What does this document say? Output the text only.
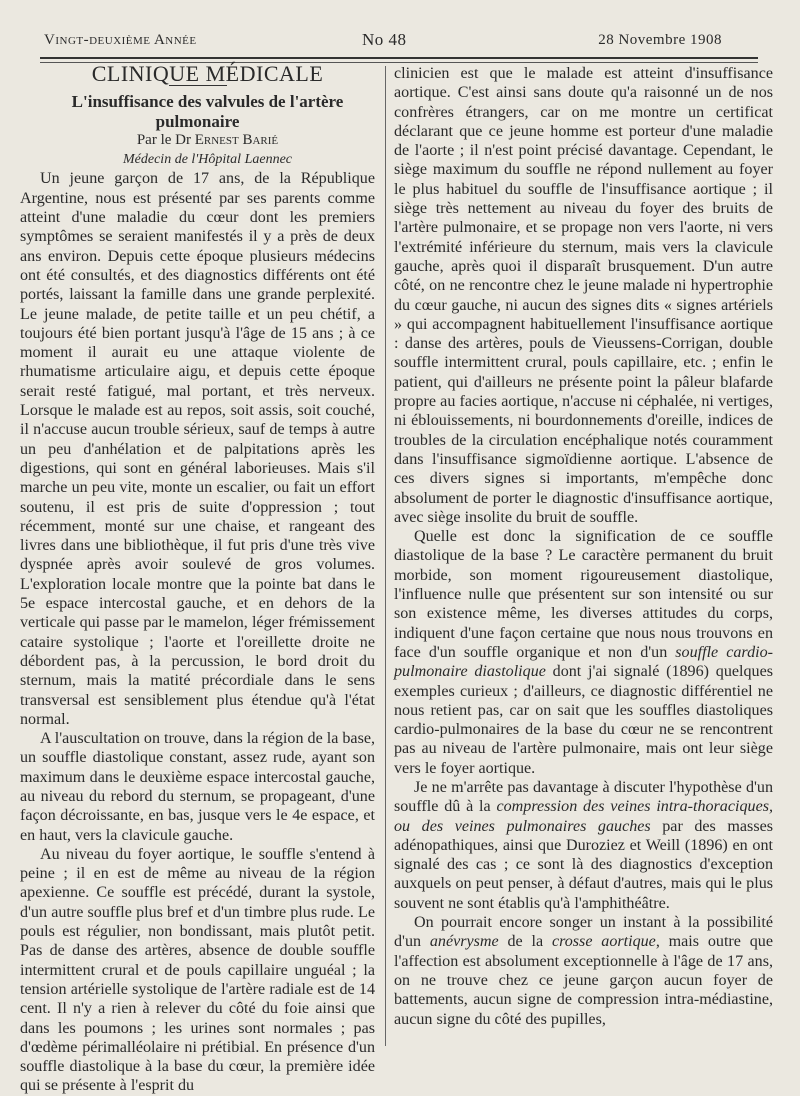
Vingt-deuxième Année	No 48	28 Novembre 1908

CLINIQUE MÉDICALE

L'insuffisance des valvules de l'artère pulmonaire

Par le Dr Ernest Barié

Médecin de l'Hôpital Laennec

Un jeune garçon de 17 ans, de la République Argentine, nous est présenté par ses parents comme atteint d'une maladie du cœur dont les premiers symptômes se seraient manifestés il y a près de deux ans environ. Depuis cette époque plusieurs médecins ont été consultés, et des diagnostics différents ont été portés, laissant la famille dans une grande perplexité. Le jeune malade, de petite taille et un peu chétif, a toujours été bien portant jusqu'à l'âge de 15 ans ; à ce moment il aurait eu une attaque violente de rhumatisme articulaire aigu, et depuis cette époque serait resté fatigué, mal portant, et très nerveux. Lorsque le malade est au repos, soit assis, soit couché, il n'accuse aucun trouble sérieux, sauf de temps à autre un peu d'anhélation et de palpitations après les digestions, qui sont en général laborieuses. Mais s'il marche un peu vite, monte un escalier, ou fait un effort soutenu, il est pris de suite d'oppression ; tout récemment, monté sur une chaise, et rangeant des livres dans une bibliothèque, il fut pris d'une très vive dyspnée après avoir soulevé de gros volumes. L'exploration locale montre que la pointe bat dans le 5e espace intercostal gauche, et en dehors de la verticale qui passe par le mamelon, léger frémissement cataire systolique ; l'aorte et l'oreillette droite ne débordent pas, à la percussion, le bord droit du sternum, mais la matité précordiale dans le sens transversal est sensiblement plus étendue qu'à l'état normal.

A l'auscultation on trouve, dans la région de la base, un souffle diastolique constant, assez rude, ayant son maximum dans le deuxième espace intercostal gauche, au niveau du rebord du sternum, se propageant, d'une façon décroissante, en bas, jusque vers le 4e espace, et en haut, vers la clavicule gauche.

Au niveau du foyer aortique, le souffle s'entend à peine ; il en est de même au niveau de la région apexienne. Ce souffle est précédé, durant la systole, d'un autre souffle plus bref et d'un timbre plus rude. Le pouls est régulier, non bondissant, mais plutôt petit. Pas de danse des artères, absence de double souffle intermittent crural et de pouls capillaire unguéal ; la tension artérielle systolique de l'artère radiale est de 14 cent. Il n'y a rien à relever du côté du foie ainsi que dans les poumons ; les urines sont normales ; pas d'œdème périmalléolaire ni prétibial. En présence d'un souffle diastolique à la base du cœur, la première idée qui se présente à l'esprit du

clinicien est que le malade est atteint d'insuffisance aortique. C'est ainsi sans doute qu'a raisonné un de nos confrères étrangers, car on me montre un certificat déclarant que ce jeune homme est porteur d'une maladie de l'aorte ; il n'est point précisé davantage. Cependant, le siège maximum du souffle ne répond nullement au foyer le plus habituel du souffle de l'insuffisance aortique ; il siège très nettement au niveau du foyer des bruits de l'artère pulmonaire, et se propage non vers l'aorte, ni vers l'extrémité inférieure du sternum, mais vers la clavicule gauche, après quoi il disparaît brusquement. D'un autre côté, on ne rencontre chez le jeune malade ni hypertrophie du cœur gauche, ni aucun des signes dits « signes artériels » qui accompagnent habituellement l'insuffisance aortique : danse des artères, pouls de Vieussens-Corrigan, double souffle intermittent crural, pouls capillaire, etc. ; enfin le patient, qui d'ailleurs ne présente point la pâleur blafarde propre au facies aortique, n'accuse ni céphalée, ni vertiges, ni éblouissements, ni bourdonnements d'oreille, indices de troubles de la circulation encéphalique notés couramment dans l'insuffisance sigmoïdienne aortique. L'absence de ces divers signes si importants, m'empêche donc absolument de porter le diagnostic d'insuffisance aortique, avec siège insolite du bruit de souffle.

Quelle est donc la signification de ce souffle diastolique de la base ? Le caractère permanent du bruit morbide, son moment rigoureusement diastolique, l'influence nulle que présentent sur son intensité ou sur son existence même, les diverses attitudes du corps, indiquent d'une façon certaine que nous nous trouvons en face d'un souffle organique et non d'un souffle cardio-pulmonaire diastolique dont j'ai signalé (1896) quelques exemples curieux ; d'ailleurs, ce diagnostic différentiel ne nous retient pas, car on sait que les souffles diastoliques cardio-pulmonaires de la base du cœur ne se rencontrent pas au niveau de l'artère pulmonaire, mais ont leur siège vers le foyer aortique.

Je ne m'arrête pas davantage à discuter l'hypothèse d'un souffle dû à la compression des veines intra-thoraciques, ou des veines pulmonaires gauches par des masses adénopathiques, ainsi que Duroziez et Weill (1896) en ont signalé des cas ; ce sont là des diagnostics d'exception auxquels on peut penser, à défaut d'autres, mais qui le plus souvent ne sont établis qu'à l'amphithéâtre.

On pourrait encore songer un instant à la possibilité d'un anévrysme de la crosse aortique, mais outre que l'affection est absolument exceptionnelle à l'âge de 17 ans, on ne trouve chez ce jeune garçon aucun foyer de battements, aucun signe de compression intra-médiastine, aucun signe du côté des pupilles,
